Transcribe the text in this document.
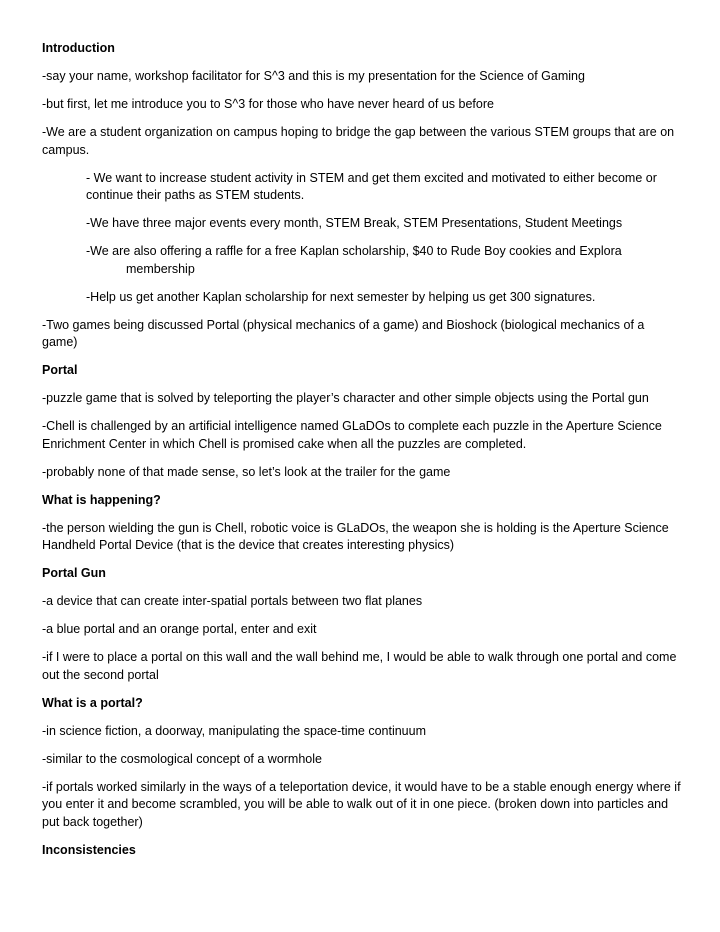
Introduction
-say your name, workshop facilitator for S^3 and this is my presentation for the Science of Gaming
-but first, let me introduce you to S^3 for those who have never heard of us before
-We are a student organization on campus hoping to bridge the gap between the various STEM groups that are on campus.
- We want to increase student activity in STEM and get them excited and motivated to either become or continue their paths as STEM students.
-We have three major events every month, STEM Break, STEM Presentations, Student Meetings
-We are also offering a raffle for a free Kaplan scholarship, $40 to Rude Boy cookies and Explora membership
-Help us get another Kaplan scholarship for next semester by helping us get 300 signatures.
-Two games being discussed Portal (physical mechanics of a game) and Bioshock (biological mechanics of a game)
Portal
-puzzle game that is solved by teleporting the player’s character and other simple objects using the Portal gun
-Chell is challenged by an artificial intelligence named GLaDOs to complete each puzzle in the Aperture Science Enrichment Center in which Chell is promised cake when all the puzzles are completed.
-probably none of that made sense, so let’s look at the trailer for the game
What is happening?
-the person wielding the gun is Chell, robotic voice is GLaDOs, the weapon she is holding is the Aperture Science Handheld Portal Device (that is the device that creates interesting physics)
Portal Gun
-a device that can create inter-spatial portals between two flat planes
-a blue portal and an orange portal, enter and exit
-if I were to place a portal on this wall and the wall behind me, I would be able to walk through one portal and come out the second portal
What is a portal?
-in science fiction, a doorway, manipulating the space-time continuum
-similar to the cosmological concept of a wormhole
-if portals worked similarly in the ways of a teleportation device, it would have to be a stable enough energy where if you enter it and become scrambled, you will be able to walk out of it in one piece. (broken down into particles and put back together)
Inconsistencies
